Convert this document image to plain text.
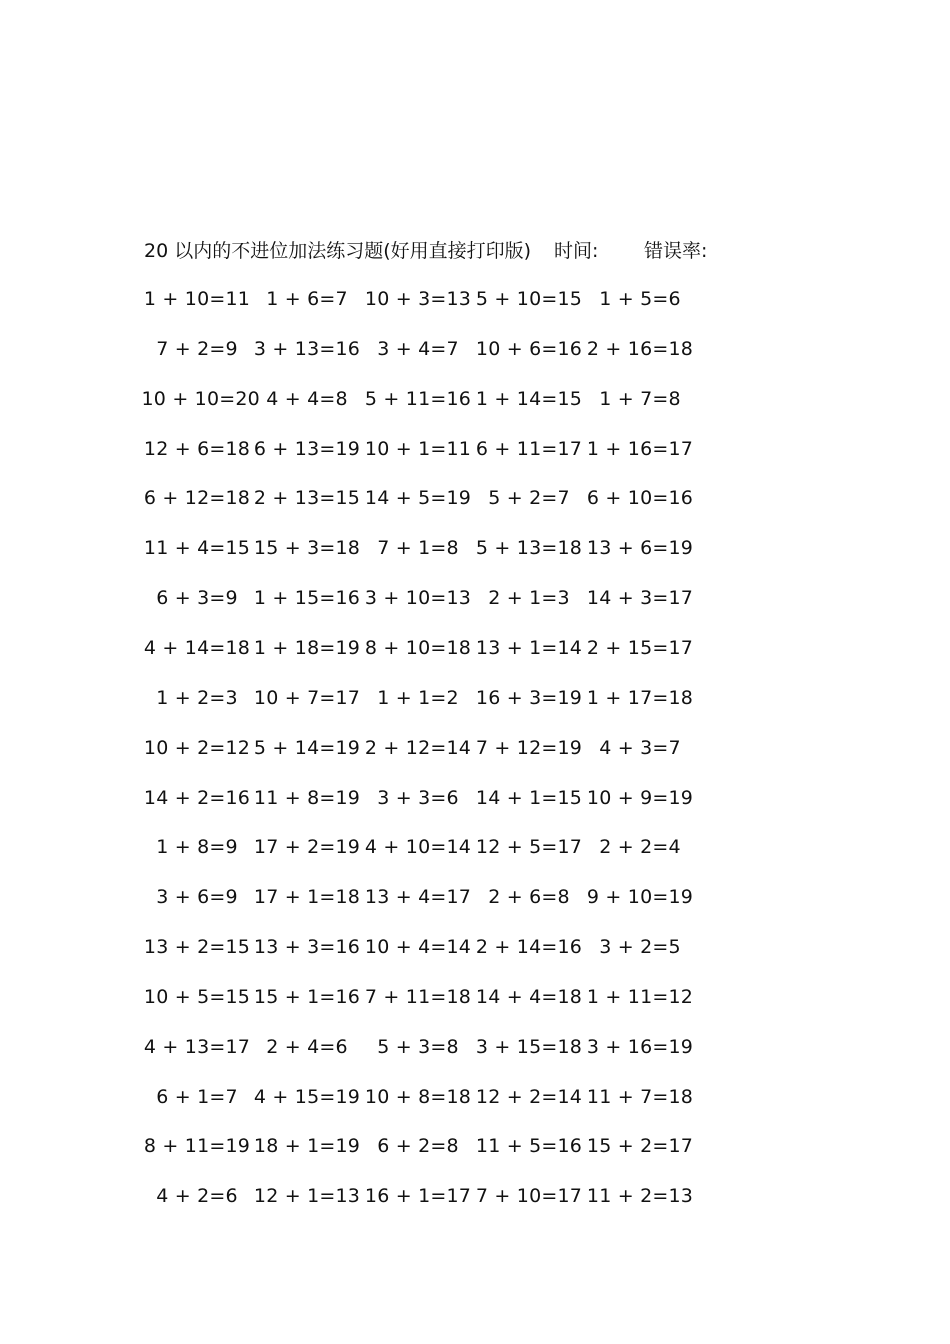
20 以内的不进位加法练习题(好用直接打印版) 时间: 错误率:
1 + 10=11 1 + 6=7 10 + 3=13 5 + 10=15 1 + 5=6
7 + 2=9 3 + 13=16 3 + 4=7 10 + 6=16 2 + 16=18
10 + 10=20 4 + 4=8 5 + 11=16 1 + 14=15 1 + 7=8
12 + 6=18 6 + 13=19 10 + 1=11 6 + 11=17 1 + 16=17
6 + 12=18 2 + 13=15 14 + 5=19 5 + 2=7 6 + 10=16
11 + 4=15 15 + 3=18 7 + 1=8 5 + 13=18 13 + 6=19
6 + 3=9 1 + 15=16 3 + 10=13 2 + 1=3 14 + 3=17
4 + 14=18 1 + 18=19 8 + 10=18 13 + 1=14 2 + 15=17
1 + 2=3 10 + 7=17 1 + 1=2 16 + 3=19 1 + 17=18
10 + 2=12 5 + 14=19 2 + 12=14 7 + 12=19 4 + 3=7
14 + 2=16 11 + 8=19 3 + 3=6 14 + 1=15 10 + 9=19
1 + 8=9 17 + 2=19 4 + 10=14 12 + 5=17 2 + 2=4
3 + 6=9 17 + 1=18 13 + 4=17 2 + 6=8 9 + 10=19
13 + 2=15 13 + 3=16 10 + 4=14 2 + 14=16 3 + 2=5
10 + 5=15 15 + 1=16 7 + 11=18 14 + 4=18 1 + 11=12
4 + 13=17 2 + 4=6	5 + 3=8 3 + 15=18 3 + 16=19
6 + 1=7 4 + 15=19 10 + 8=18 12 + 2=14 11 + 7=18
8 + 11=19 18 + 1=19 6 + 2=8 11 + 5=16 15 + 2=17
4 + 2=6 12 + 1=13 16 + 1=17 7 + 10=17 11 + 2=13
